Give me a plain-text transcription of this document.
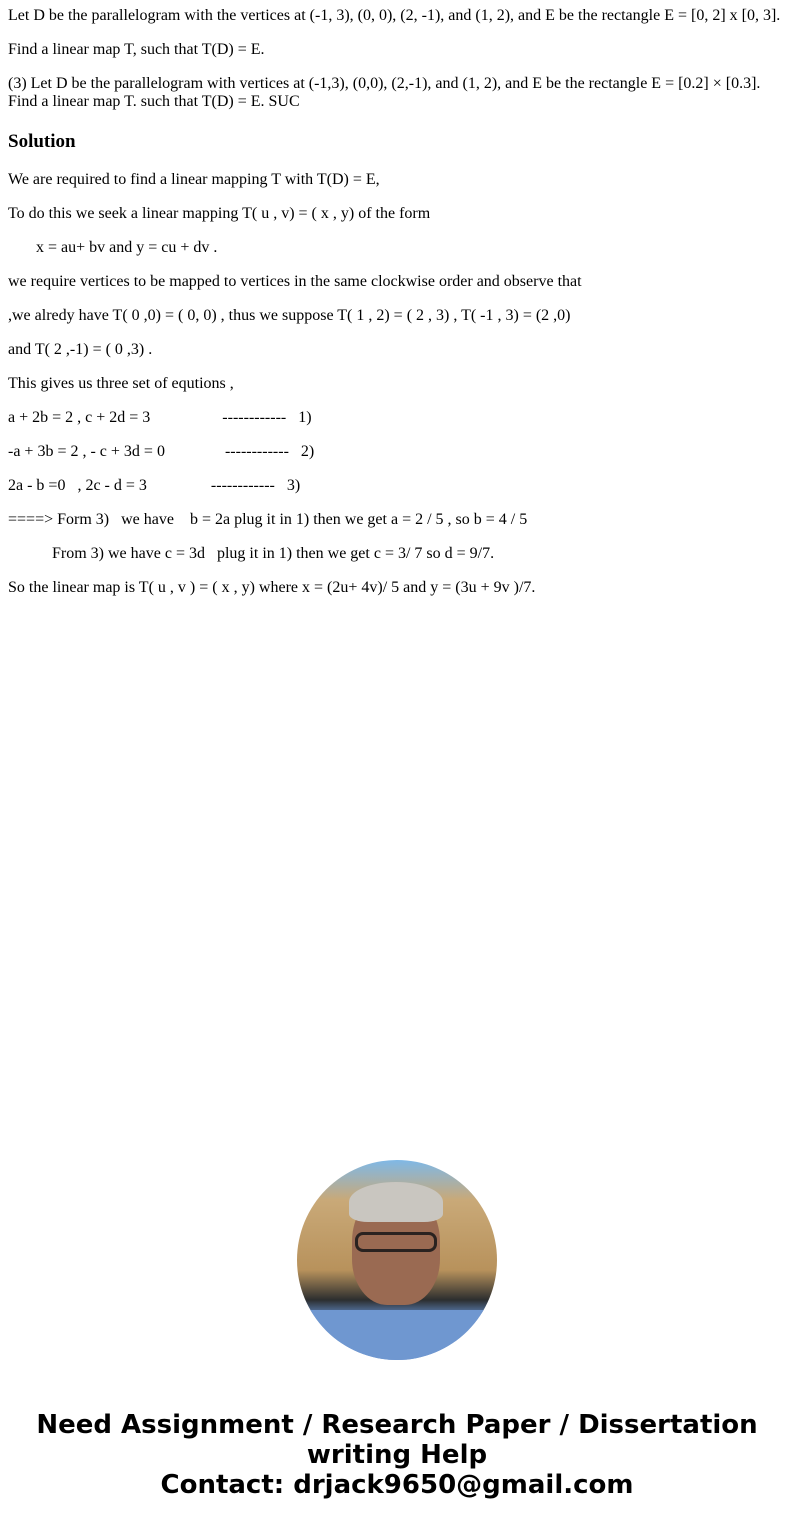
Let D be the parallelogram with the vertices at (-1, 3), (0, 0), (2, -1), and (1, 2), and E be the rectangle E = [0, 2] x [0, 3].

Find a linear map T, such that T(D) = E.

(3) Let D be the parallelogram with vertices at (-1,3), (0,0), (2,-1), and (1, 2), and E be the rectangle E = [0.2] × [0.3].
Find a linear map T. such that T(D) = E. SUC

Solution

We are required to find a linear mapping T with T(D) = E,

To do this we seek a linear mapping T( u , v) = ( x , y) of the form

x = au+ bv and y = cu + dv .

we require vertices to be mapped to vertices in the same clockwise order and observe that

,we alredy have T( 0 ,0) = ( 0, 0) , thus we suppose T( 1 , 2) = ( 2 , 3) , T( -1 , 3) = (2 ,0)

and T( 2 ,-1) = ( 0 ,3) .

This gives us three set of equtions ,

a + 2b = 2 , c + 2d = 3                  ------------   1)

-a + 3b = 2 , - c + 3d = 0               ------------   2)

2a - b =0   , 2c - d = 3                ------------   3)

====> Form 3)   we have    b = 2a plug it in 1) then we get a = 2 / 5 , so b = 4 / 5

From 3) we have c = 3d   plug it in 1) then we get c = 3/ 7 so d = 9/7.

So the linear map is T( u , v ) = ( x , y) where x = (2u+ 4v)/ 5 and y = (3u + 9v )/7.

Need Assignment / Research Paper / Dissertation
writing Help
Contact: drjack9650@gmail.com
